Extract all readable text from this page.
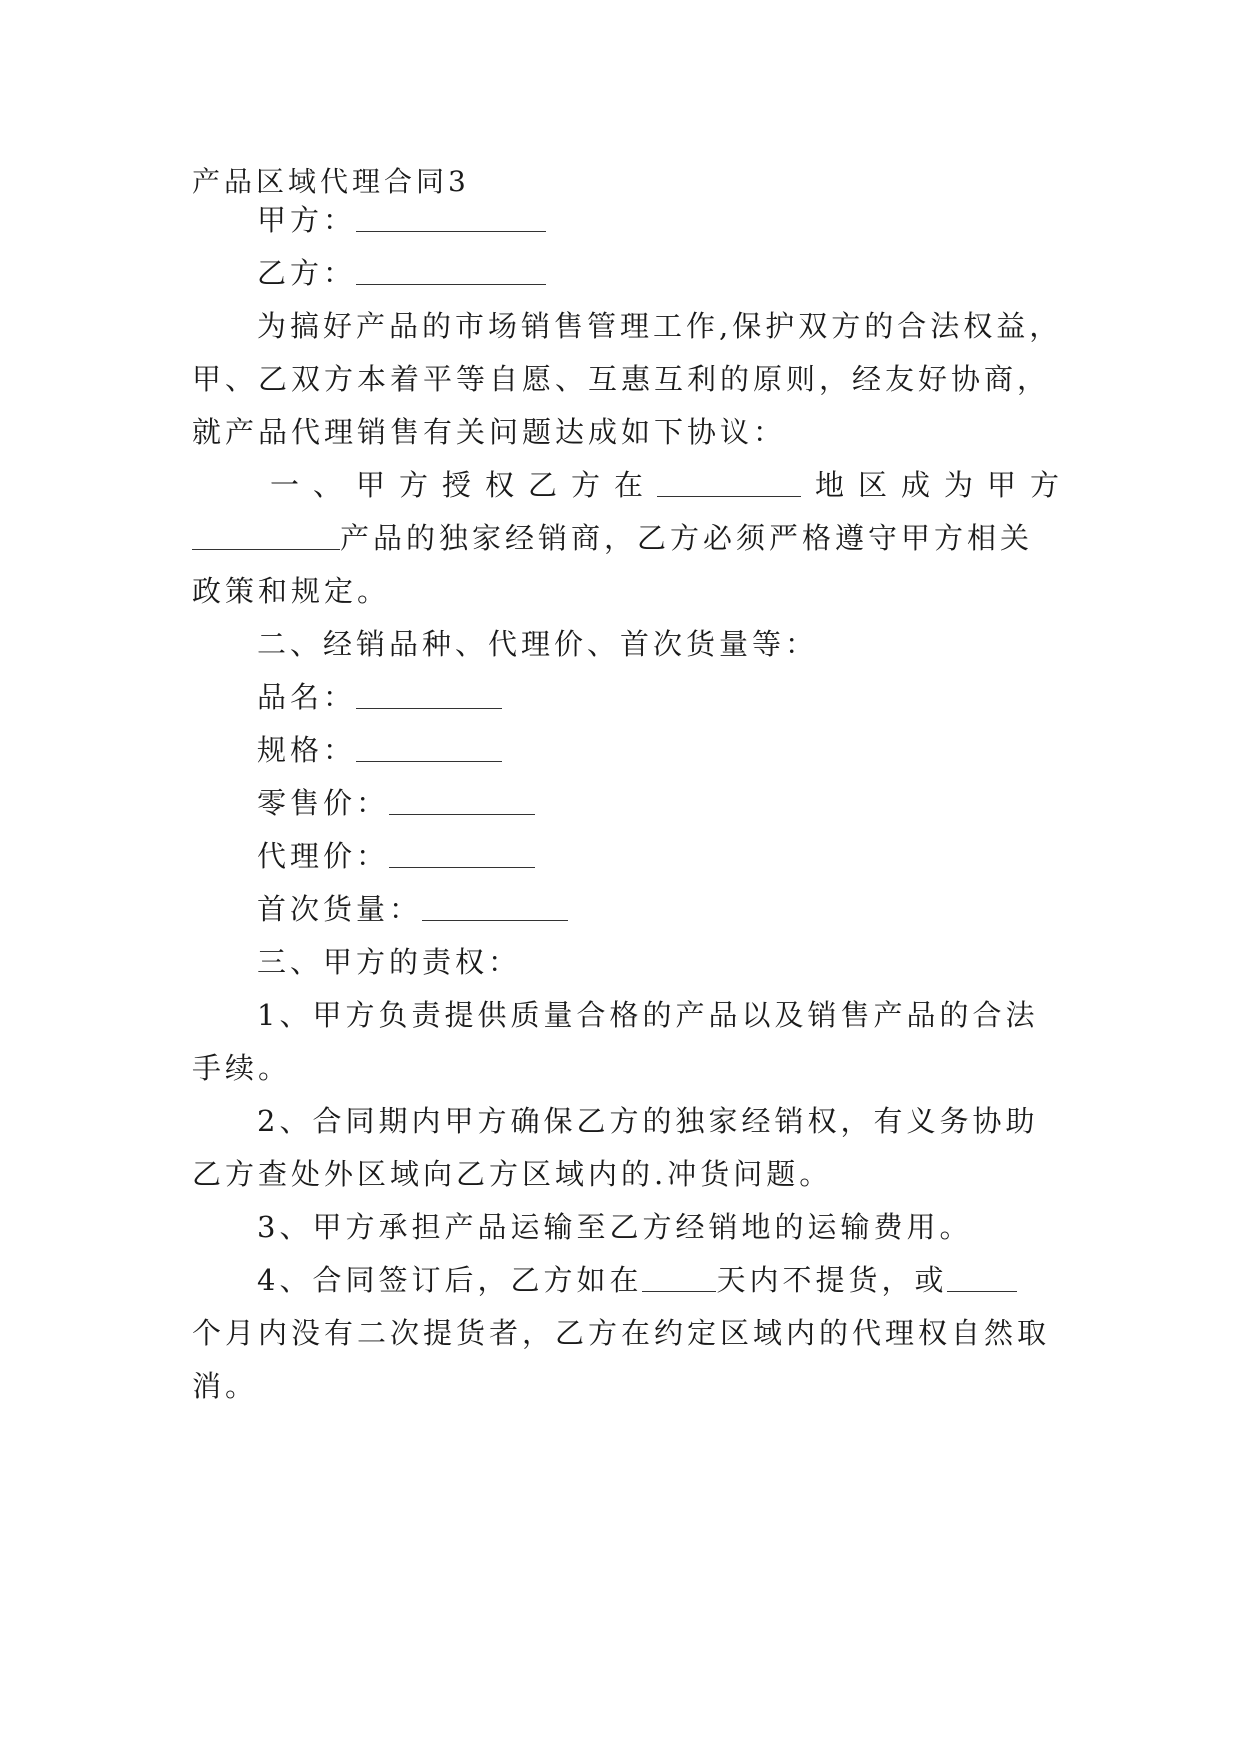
产品区域代理合同3
甲方：
乙方：
为搞好产品的市场销售管理工作,保护双方的合法权益，
甲、乙双方本着平等自愿、互惠互利的原则，经友好协商，
就产品代理销售有关问题达成如下协议：
一、甲方授权乙方在	地区成为甲方
产品的独家经销商，乙方必须严格遵守甲方相关
政策和规定。
二、经销品种、代理价、首次货量等：
品名：
规格：
零售价：
代理价：
首次货量：
三、甲方的责权：
1、甲方负责提供质量合格的产品以及销售产品的合法
手续。
2、合同期内甲方确保乙方的独家经销权，有义务协助
乙方查处外区域向乙方区域内的.冲货问题。
3、甲方承担产品运输至乙方经销地的运输费用。
4、合同签订后，乙方如在	天内不提货，或
个月内没有二次提货者，乙方在约定区域内的代理权自然取
消。
